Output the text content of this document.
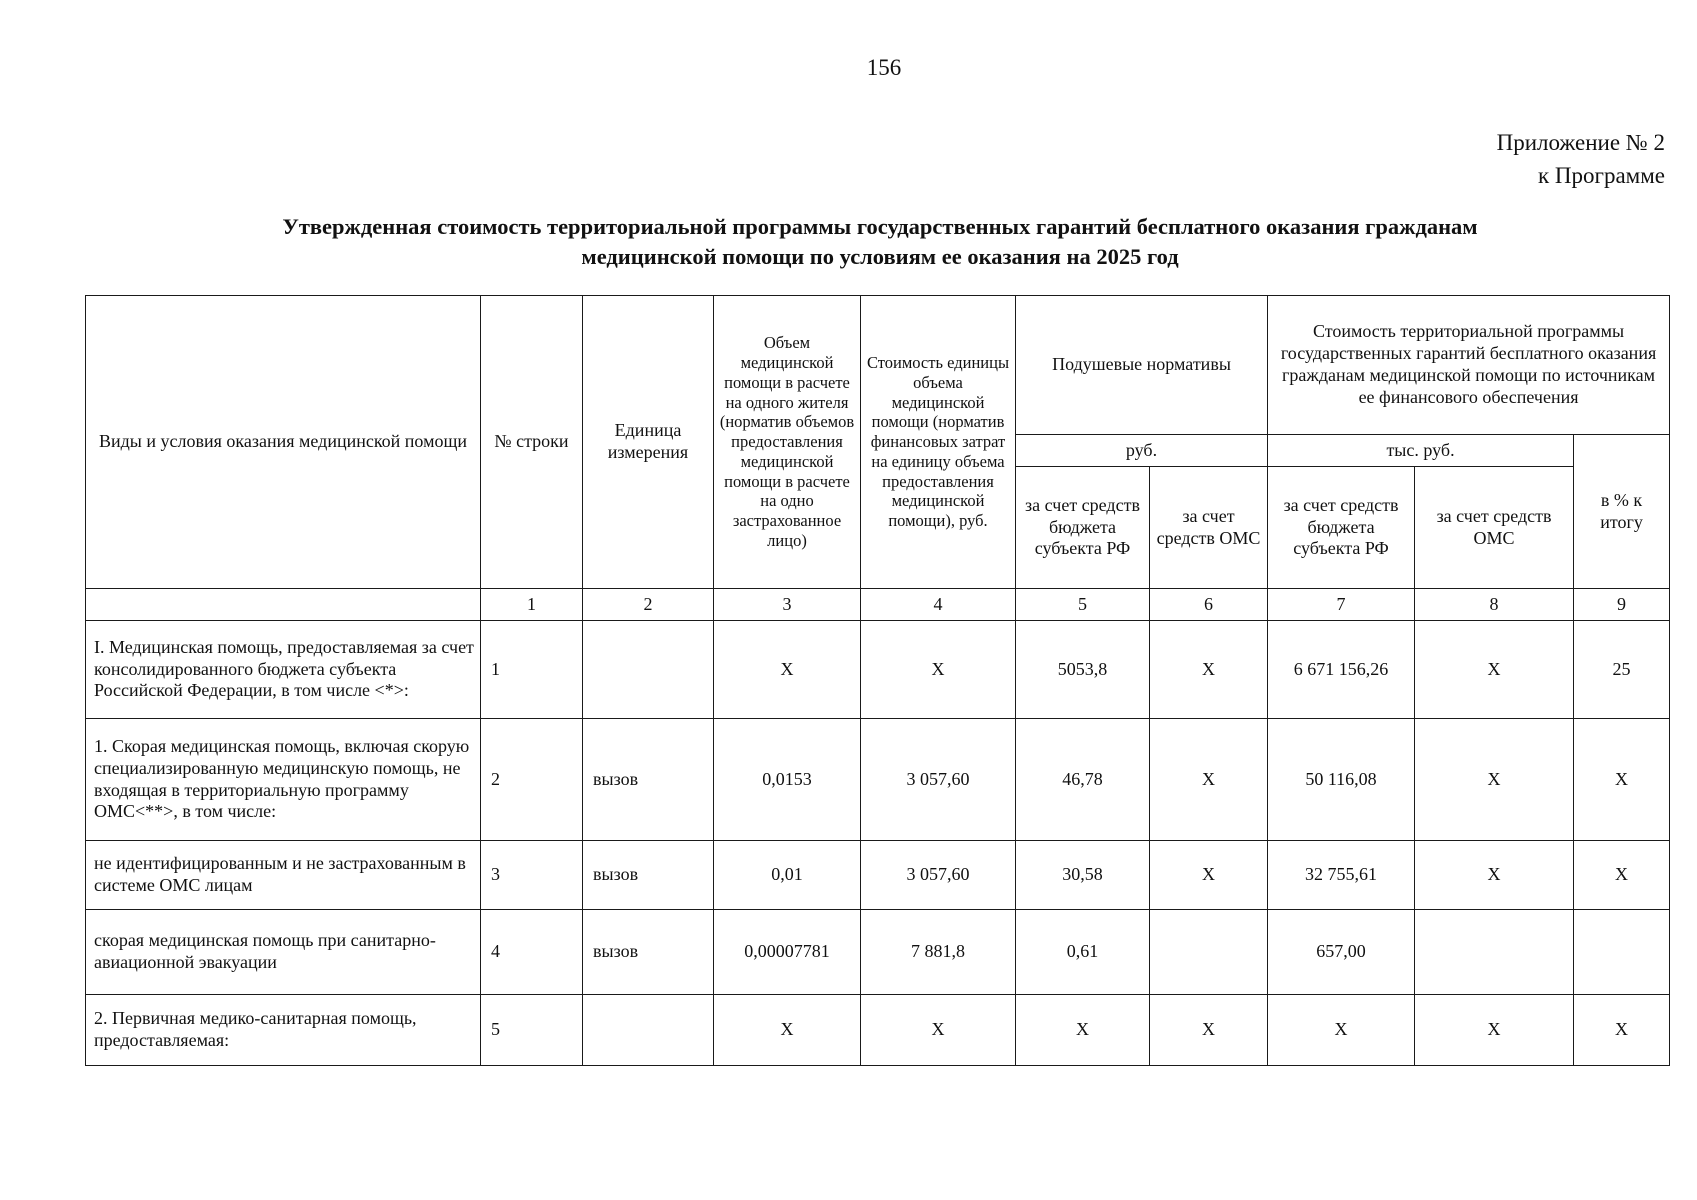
156
Приложение № 2
к Программе
Утвержденная стоимость территориальной программы государственных гарантий бесплатного оказания гражданам
медицинской помощи по условиям ее оказания на 2025 год
Виды и условия оказания медицинской помощи	№ строки	Единица измерения	Объем медицинской помощи в расчете на одного жителя (норматив объемов предоставления медицинской помощи в расчете на одно застрахованное лицо)	Стоимость единицы объема медицинской помощи (норматив финансовых затрат на единицу объема предоставления медицинской помощи), руб.	Подушевые нормативы		Стоимость территориальной программы государственных гарантий бесплатного оказания гражданам медицинской помощи по источникам ее финансового обеспечения		
					руб.		тыс. руб.		в % к итогу
					за счет средств бюджета субъекта РФ	за счет средств ОМС	за счет средств бюджета субъекта РФ	за счет средств ОМС	
	1	2	3	4	5	6	7	8	9
I. Медицинская помощь, предоставляемая за счет консолидированного бюджета субъекта Российской Федерации, в том числе <*>:	1		X	X	5053,8	X	6 671 156,26	X	25
1. Скорая медицинская помощь, включая скорую специализированную медицинскую помощь, не входящая в территориальную программу ОМС<**>, в том числе:	2	вызов	0,0153	3 057,60	46,78	X	50 116,08	X	X
не идентифицированным и не застрахованным в системе ОМС лицам	3	вызов	0,01	3 057,60	30,58	X	32 755,61	X	X
скорая медицинская помощь при санитарно-авиационной эвакуации	4	вызов	0,00007781	7 881,8	0,61		657,00		
2. Первичная медико-санитарная помощь, предоставляемая:	5		X	X	X	X	X	X	X
